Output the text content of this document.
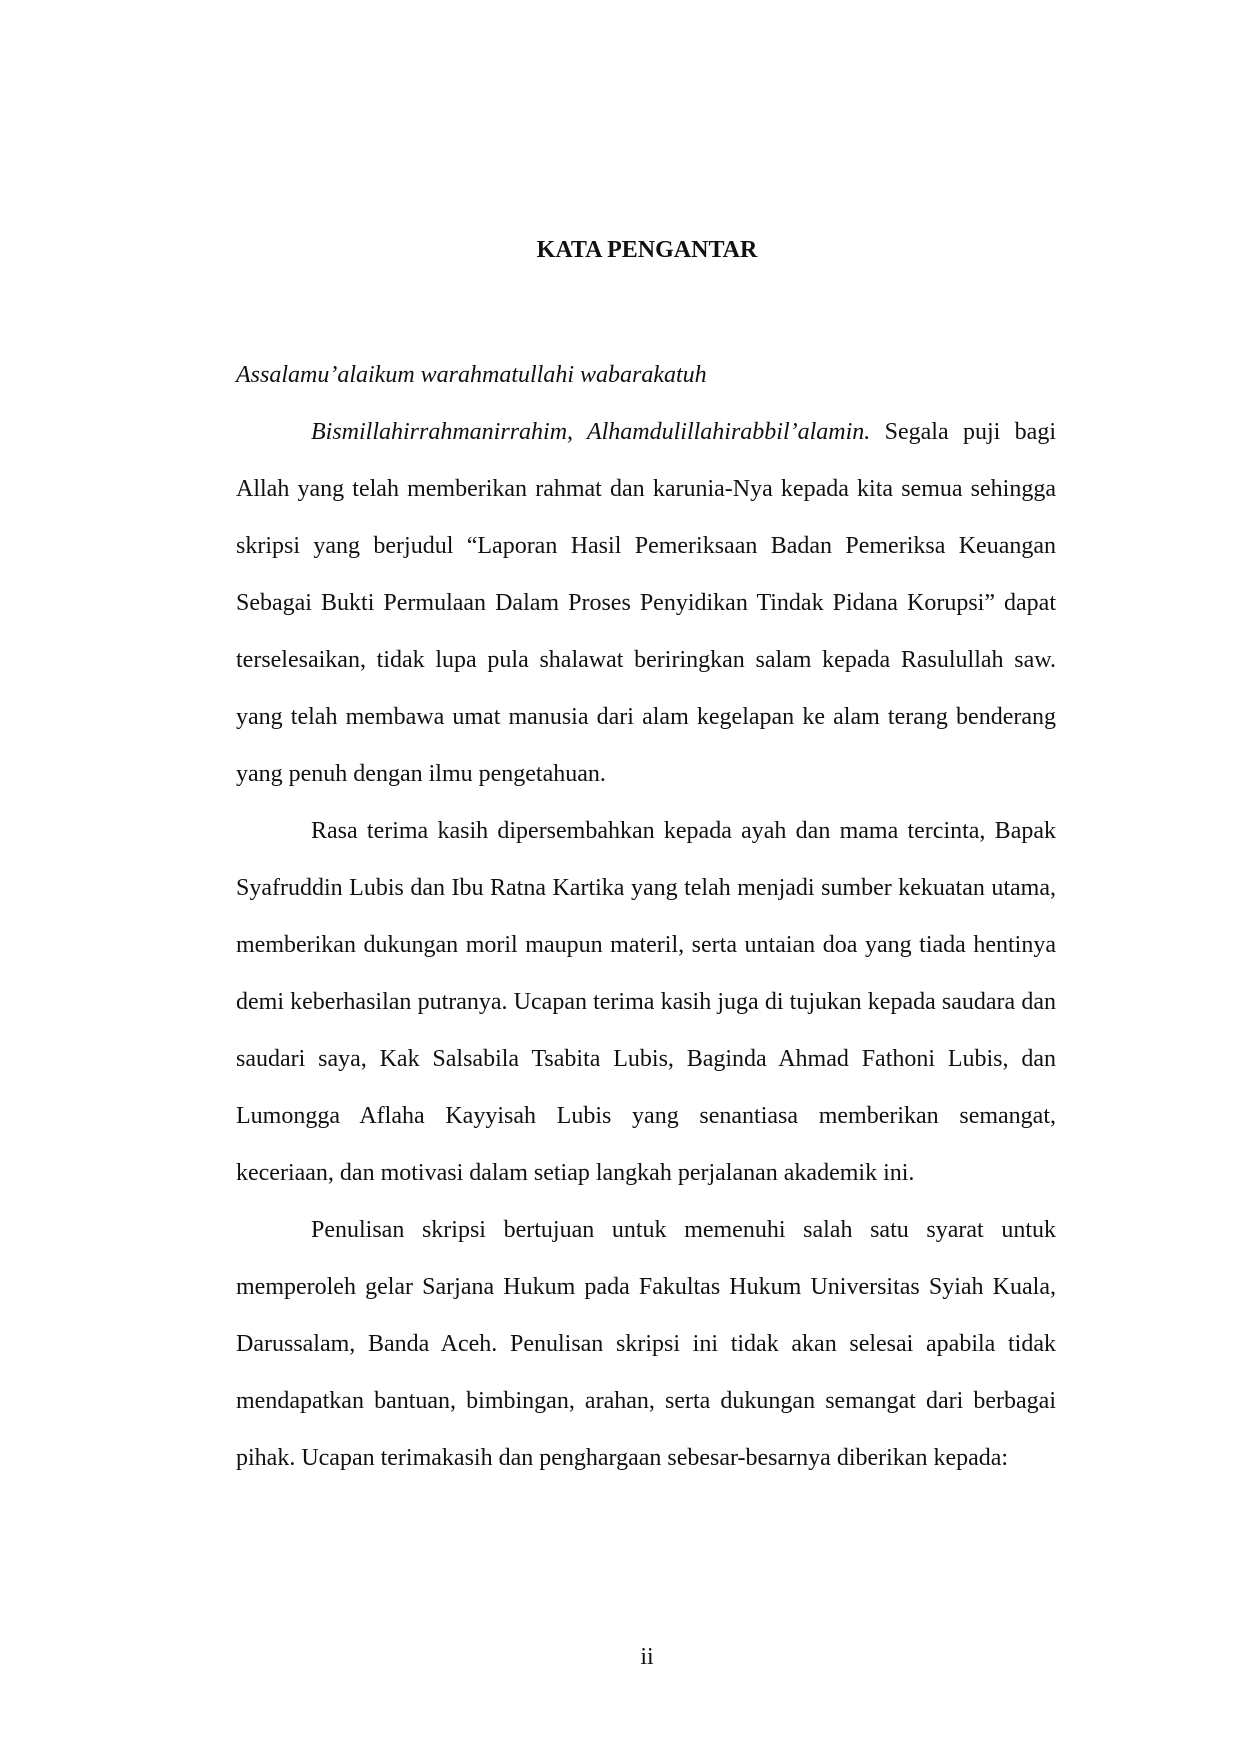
KATA PENGANTAR

Assalamu’alaikum warahmatullahi wabarakatuh

Bismillahirrahmanirrahim, Alhamdulillahirabbil’alamin. Segala puji bagi Allah yang telah memberikan rahmat dan karunia-Nya kepada kita semua sehingga skripsi yang berjudul “Laporan Hasil Pemeriksaan Badan Pemeriksa Keuangan Sebagai Bukti Permulaan Dalam Proses Penyidikan Tindak Pidana Korupsi” dapat terselesaikan, tidak lupa pula shalawat beriringkan salam kepada Rasulullah saw. yang telah membawa umat manusia dari alam kegelapan ke alam terang benderang yang penuh dengan ilmu pengetahuan.

Rasa terima kasih dipersembahkan kepada ayah dan mama tercinta, Bapak Syafruddin Lubis dan Ibu Ratna Kartika yang telah menjadi sumber kekuatan utama, memberikan dukungan moril maupun materil, serta untaian doa yang tiada hentinya demi keberhasilan putranya. Ucapan terima kasih juga di tujukan kepada saudara dan saudari saya, Kak Salsabila Tsabita Lubis, Baginda Ahmad Fathoni Lubis, dan Lumongga Aflaha Kayyisah Lubis yang senantiasa memberikan semangat, keceriaan, dan motivasi dalam setiap langkah perjalanan akademik ini.

Penulisan skripsi bertujuan untuk memenuhi salah satu syarat untuk memperoleh gelar Sarjana Hukum pada Fakultas Hukum Universitas Syiah Kuala, Darussalam, Banda Aceh. Penulisan skripsi ini tidak akan selesai apabila tidak mendapatkan bantuan, bimbingan, arahan, serta dukungan semangat dari berbagai pihak. Ucapan terimakasih dan penghargaan sebesar-besarnya diberikan kepada:

ii
